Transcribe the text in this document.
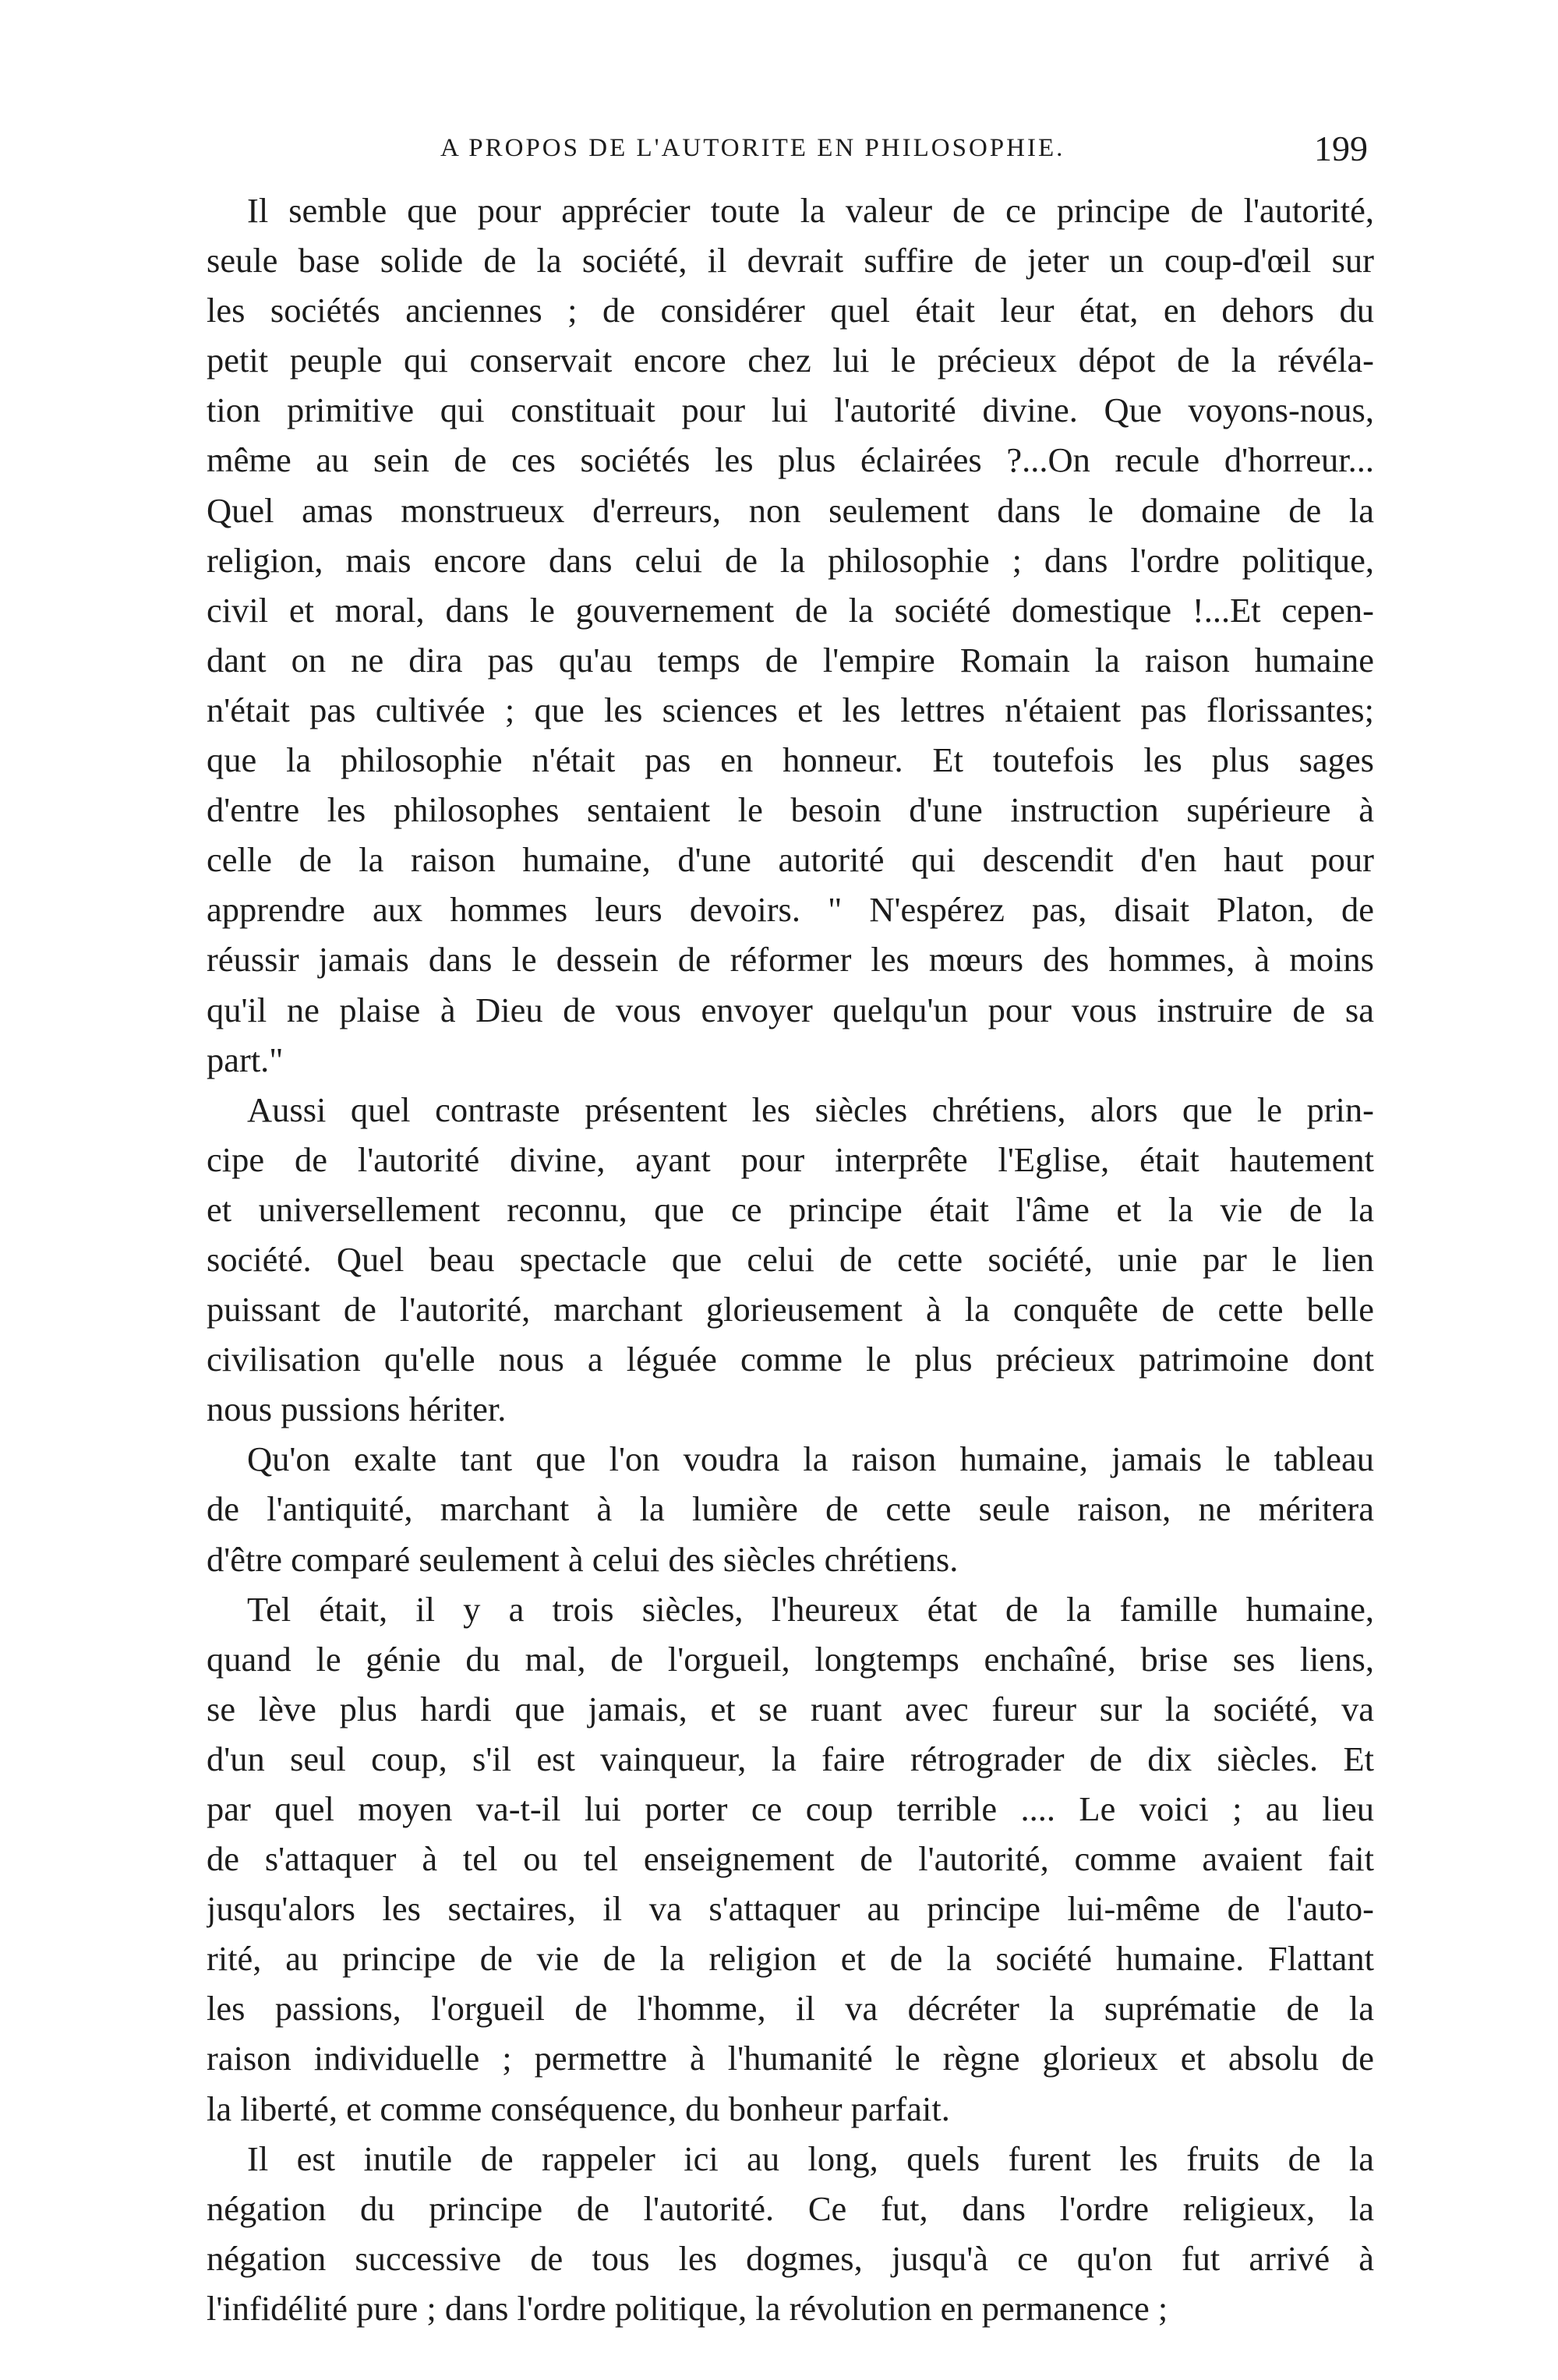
A PROPOS DE L'AUTORITE EN PHILOSOPHIE.	199

Il semble que pour apprécier toute la valeur de ce principe de l'autorité,
seule base solide de la société, il devrait suffire de jeter un coup-d'œil sur
les sociétés anciennes ; de considérer quel était leur état, en dehors du
petit peuple qui conservait encore chez lui le précieux dépot de la révéla-
tion primitive qui constituait pour lui l'autorité divine. Que voyons-nous,
même au sein de ces sociétés les plus éclairées ?...On recule d'horreur...
Quel amas monstrueux d'erreurs, non seulement dans le domaine de la
religion, mais encore dans celui de la philosophie ; dans l'ordre politique,
civil et moral, dans le gouvernement de la société domestique !...Et cepen-
dant on ne dira pas qu'au temps de l'empire Romain la raison humaine
n'était pas cultivée ; que les sciences et les lettres n'étaient pas florissantes;
que la philosophie n'était pas en honneur. Et toutefois les plus sages
d'entre les philosophes sentaient le besoin d'une instruction supérieure à
celle de la raison humaine, d'une autorité qui descendit d'en haut pour
apprendre aux hommes leurs devoirs. " N'espérez pas, disait Platon, de
réussir jamais dans le dessein de réformer les mœurs des hommes, à moins
qu'il ne plaise à Dieu de vous envoyer quelqu'un pour vous instruire de sa
part."

Aussi quel contraste présentent les siècles chrétiens, alors que le prin-
cipe de l'autorité divine, ayant pour interprête l'Eglise, était hautement
et universellement reconnu, que ce principe était l'âme et la vie de la
société. Quel beau spectacle que celui de cette société, unie par le lien
puissant de l'autorité, marchant glorieusement à la conquête de cette belle
civilisation qu'elle nous a léguée comme le plus précieux patrimoine dont
nous pussions hériter.

Qu'on exalte tant que l'on voudra la raison humaine, jamais le tableau
de l'antiquité, marchant à la lumière de cette seule raison, ne méritera
d'être comparé seulement à celui des siècles chrétiens.

Tel était, il y a trois siècles, l'heureux état de la famille humaine,
quand le génie du mal, de l'orgueil, longtemps enchaîné, brise ses liens,
se lève plus hardi que jamais, et se ruant avec fureur sur la société, va
d'un seul coup, s'il est vainqueur, la faire rétrograder de dix siècles. Et
par quel moyen va-t-il lui porter ce coup terrible .... Le voici ; au lieu
de s'attaquer à tel ou tel enseignement de l'autorité, comme avaient fait
jusqu'alors les sectaires, il va s'attaquer au principe lui-même de l'auto-
rité, au principe de vie de la religion et de la société humaine. Flattant
les passions, l'orgueil de l'homme, il va décréter la suprématie de la
raison individuelle ; permettre à l'humanité le règne glorieux et absolu de
la liberté, et comme conséquence, du bonheur parfait.

Il est inutile de rappeler ici au long, quels furent les fruits de la
négation du principe de l'autorité. Ce fut, dans l'ordre religieux, la
négation successive de tous les dogmes, jusqu'à ce qu'on fut arrivé à
l'infidélité pure ; dans l'ordre politique, la révolution en permanence ;
